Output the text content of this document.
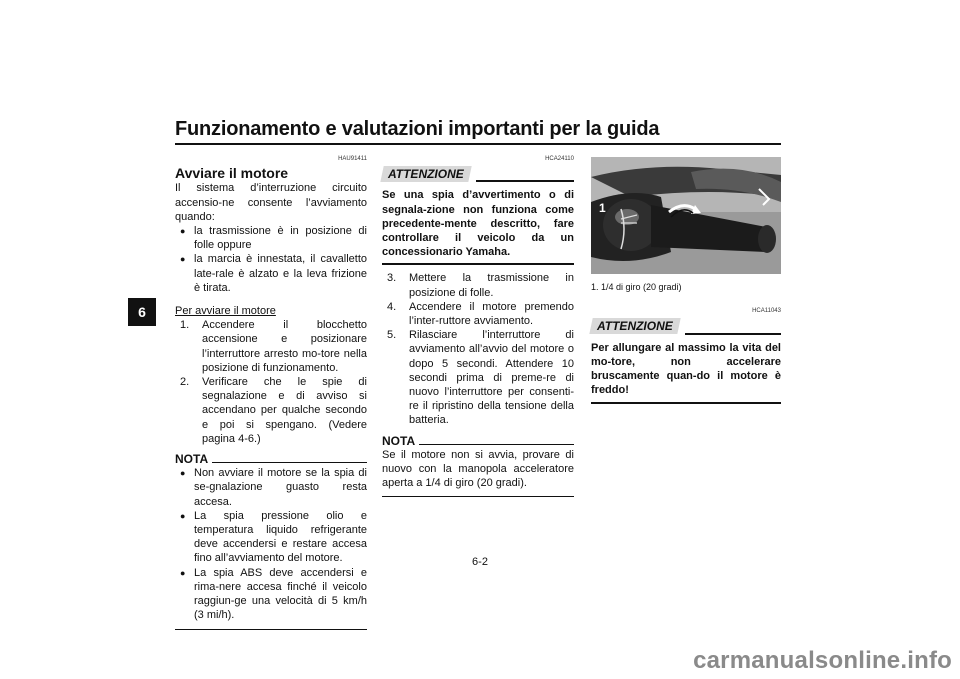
Funzionamento e valutazioni importanti per la guida
6
HAU91411
Avviare il motore

Il sistema d’interruzione circuito accensio-ne consente l’avviamento quando:

● la trasmissione è in posizione di folle oppure
● la marcia è innestata, il cavalletto late-rale è alzato e la leva frizione è tirata.
Per avviare il motore
1.	Accendere il blocchetto accensione e posizionare l’interruttore arresto mo-tore nella posizione di funzionamento.
2.	Verificare che le spie di segnalazione e di avviso si accendano per qualche secondo e poi si spengano. (Vedere pagina 4-6.)
NOTA
● Non avviare il motore se la spia di se-gnalazione guasto resta accesa.
● La spia pressione olio e temperatura liquido refrigerante deve accendersi e restare accesa fino all’avviamento del motore.
● La spia ABS deve accendersi e rima-nere accesa finché il veicolo raggiun-ge una velocità di 5 km/h (3 mi/h).
HCA24110
ATTENZIONE

Se una spia d’avvertimento o di segnala-zione non funziona come precedente-mente descritto, fare controllare il veicolo da un concessionario Yamaha.

3.	Mettere la trasmissione in posizione di folle.
4.	Accendere il motore premendo l’inter-ruttore avviamento.
5.	Rilasciare l’interruttore di avviamento all’avvio del motore o dopo 5 secondi. Attendere 10 secondi prima di preme-re di nuovo l’interruttore per consenti-re il ripristino della tensione della batteria.
NOTA

Se il motore non si avvia, provare di nuovo con la manopola acceleratore aperta a 1/4 di giro (20 gradi).

1
1. 1/4 di giro (20 gradi)
HCA11043
ATTENZIONE

Per allungare al massimo la vita del mo-tore, non accelerare bruscamente quan-do il motore è freddo!

6-2
carmanualsonline.info
